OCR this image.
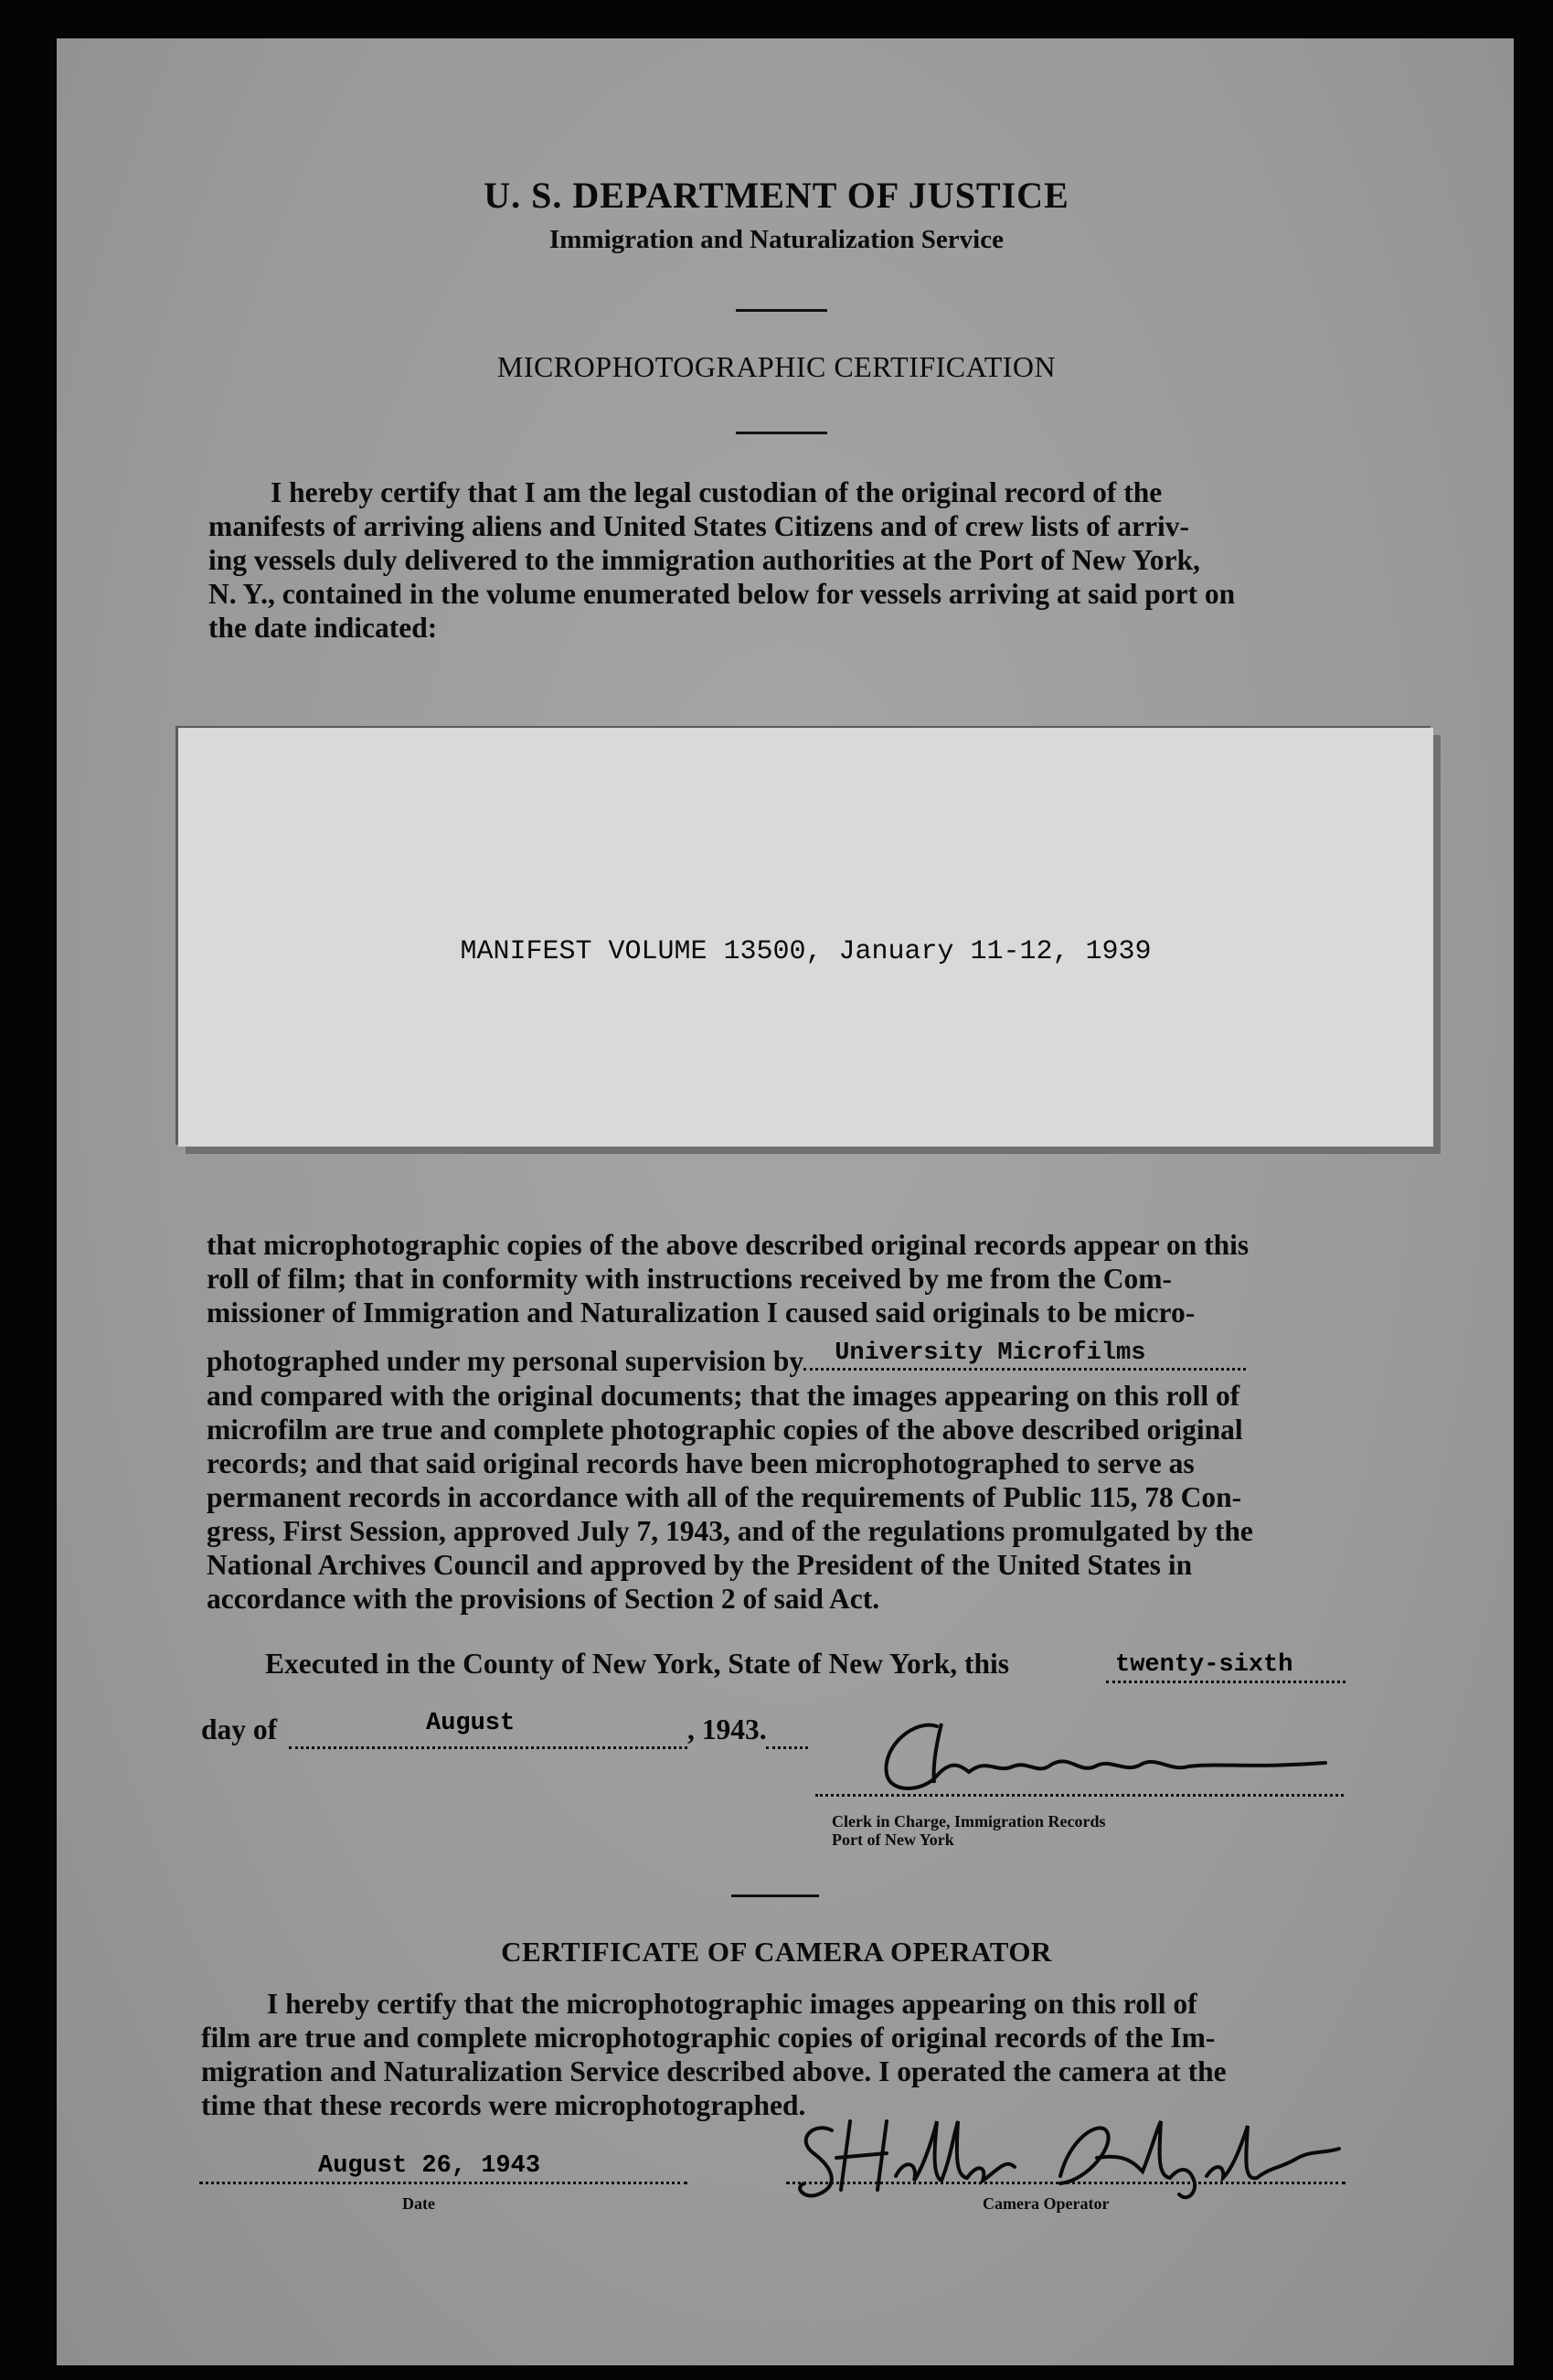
U. S. DEPARTMENT OF JUSTICE
Immigration and Naturalization Service
MICROPHOTOGRAPHIC CERTIFICATION
I hereby certify that I am the legal custodian of the original record of the
manifests of arriving aliens and United States Citizens and of crew lists of arriv-
ing vessels duly delivered to the immigration authorities at the Port of New York,
N. Y., contained in the volume enumerated below for vessels arriving at said port on
the date indicated:
MANIFEST VOLUME 13500, January 11-12, 1939
that microphotographic copies of the above described original records appear on this
roll of film; that in conformity with instructions received by me from the Com-
missioner of Immigration and Naturalization I caused said originals to be micro-
photographed under my personal supervision by University Microfilms
and compared with the original documents; that the images appearing on this roll of
microfilm are true and complete photographic copies of the above described original
records; and that said original records have been microphotographed to serve as
permanent records in accordance with all of the requirements of Public 115, 78 Con-
gress, First Session, approved July 7, 1943, and of the regulations promulgated by the
National Archives Council and approved by the President of the United States in
accordance with the provisions of Section 2 of said Act.
Executed in the County of New York, State of New York, this	twenty-sixth
day of	August	, 1943.
Clerk in Charge, Immigration Records
Port of New York
CERTIFICATE OF CAMERA OPERATOR
I hereby certify that the microphotographic images appearing on this roll of
film are true and complete microphotographic copies of original records of the Im-
migration and Naturalization Service described above. I operated the camera at the
time that these records were microphotographed.
August 26, 1943
Date	Camera Operator
